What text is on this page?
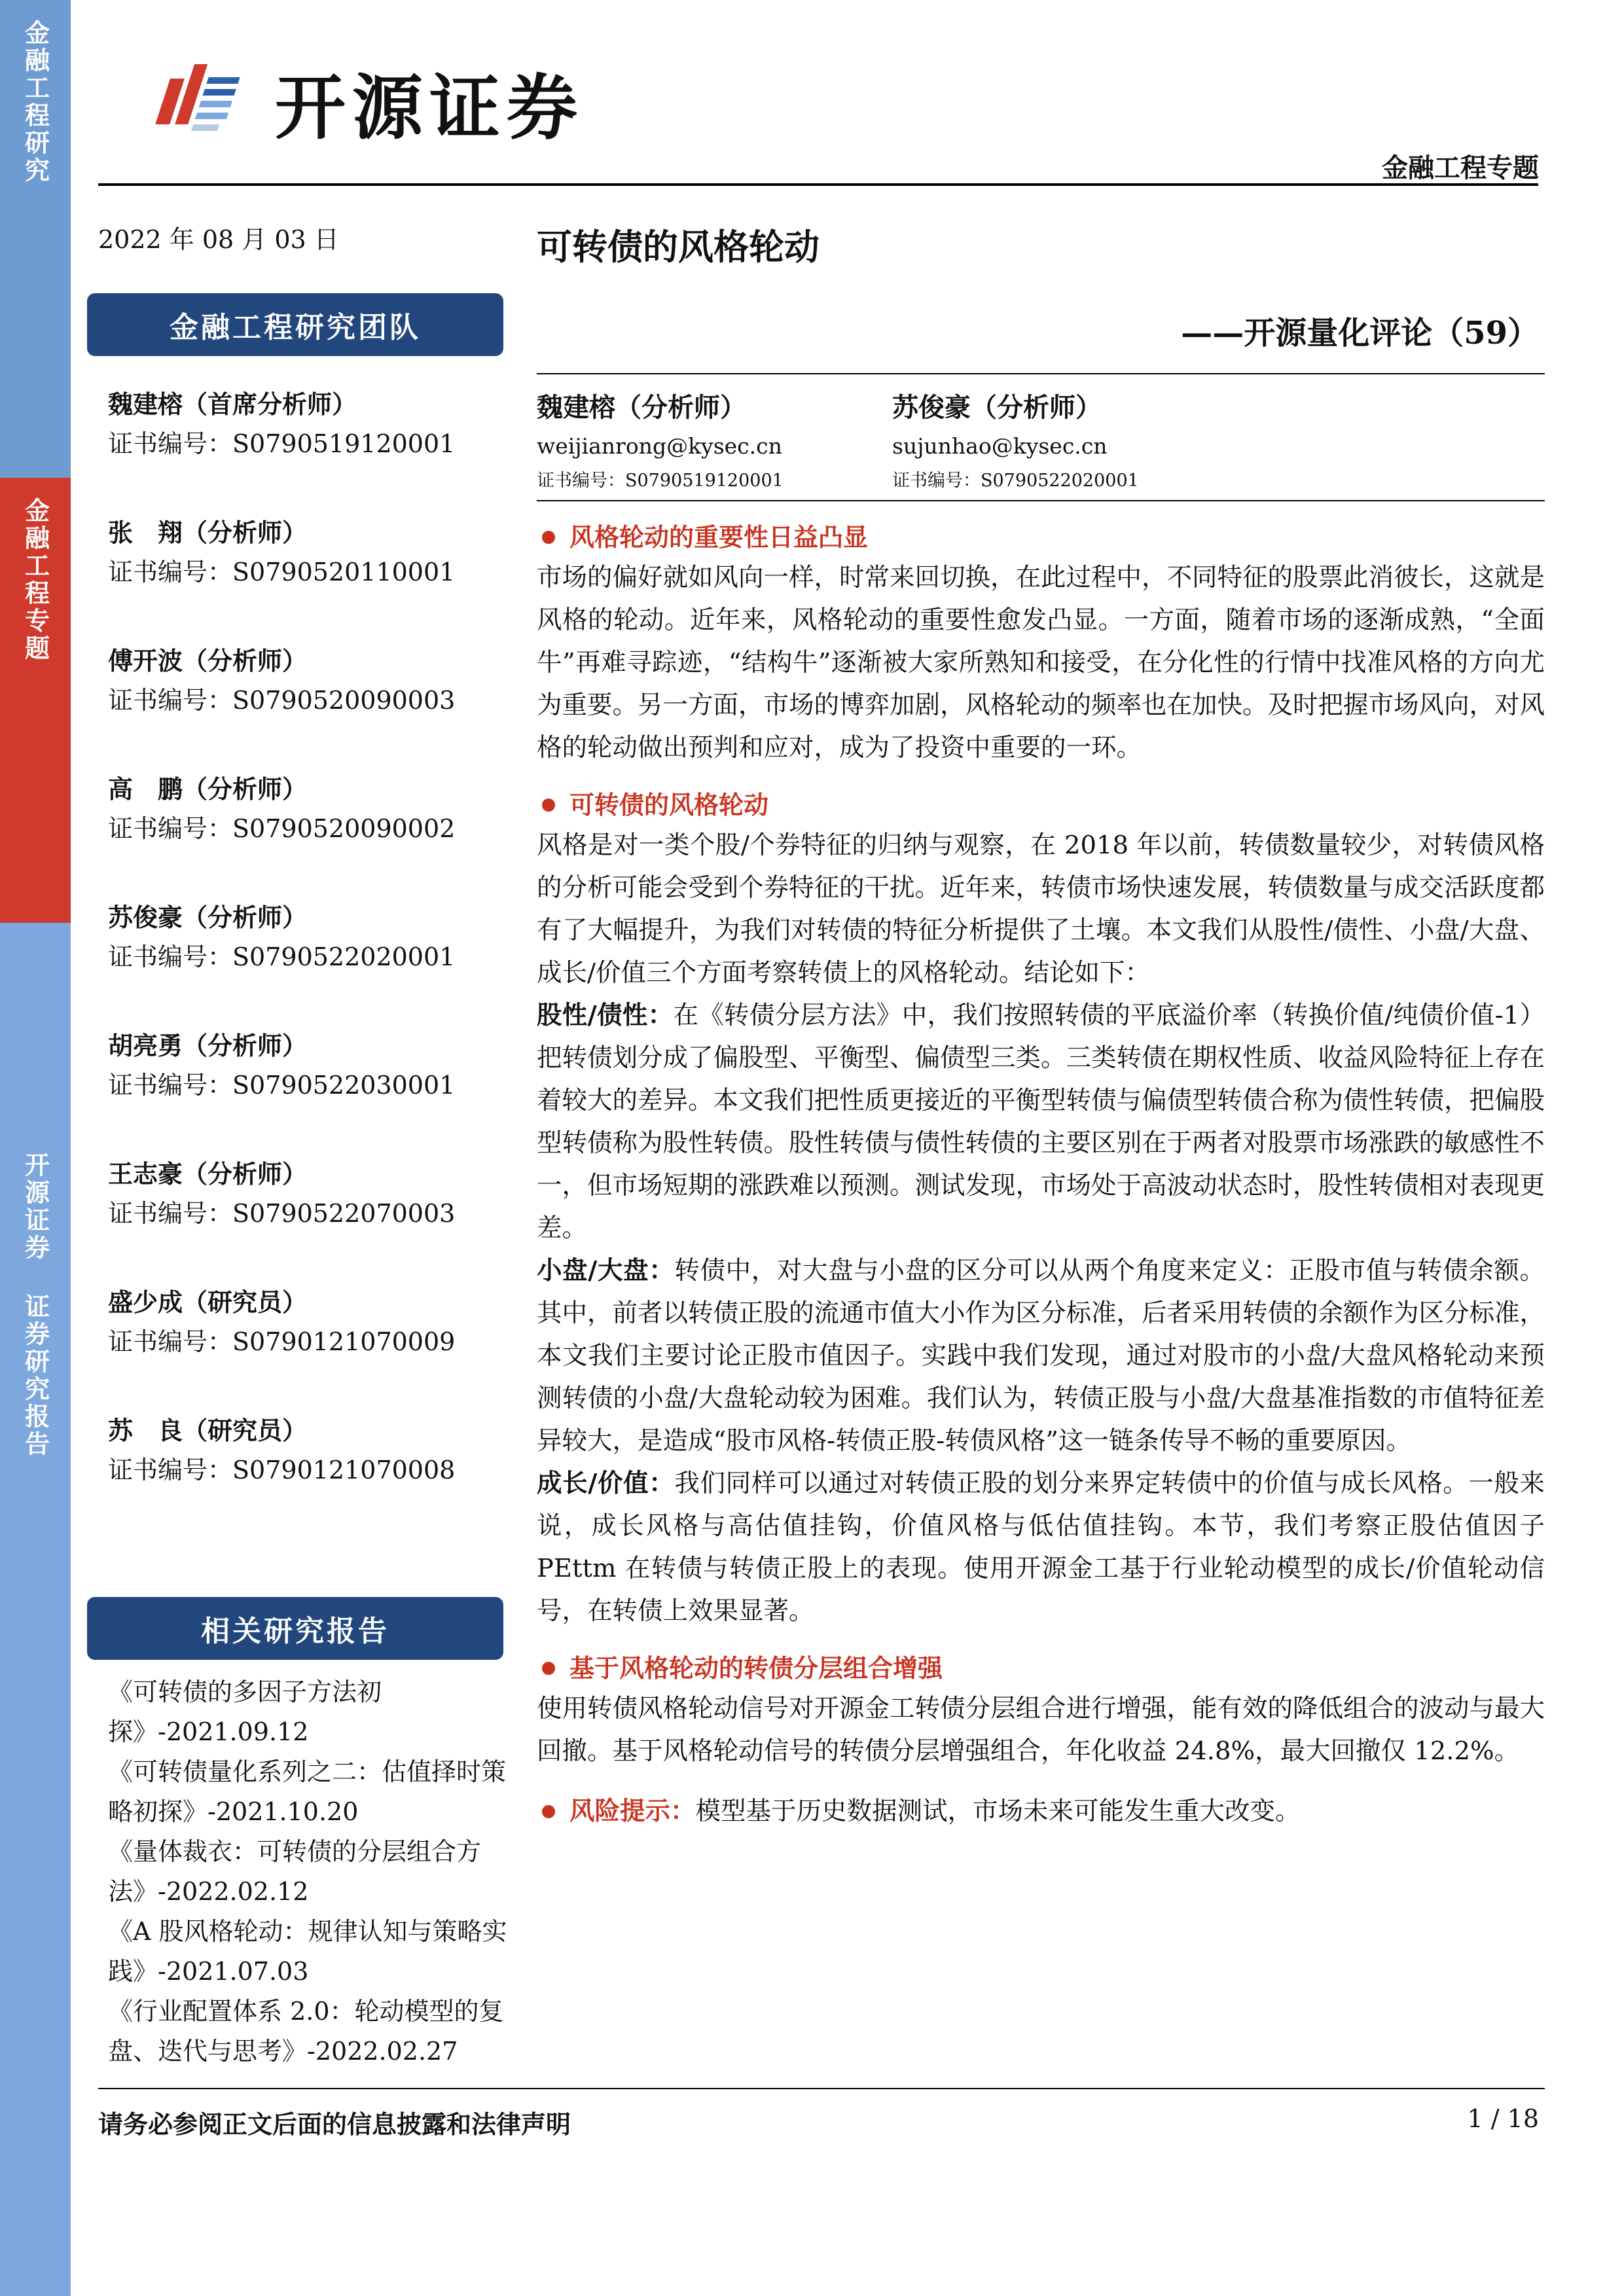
金融工程研究
金融工程专题
开源证券 证券研究报告
开源证券
金融工程专题
2022 年 08 月 03 日	可转债的风格轮动
——开源量化评论（59）
金融工程研究团队
魏建榕（首席分析师）
证书编号：S0790519120001
张　翔（分析师）
证书编号：S0790520110001
傅开波（分析师）
证书编号：S0790520090003
高　鹏（分析师）
证书编号：S0790520090002
苏俊豪（分析师）
证书编号：S0790522020001
胡亮勇（分析师）
证书编号：S0790522030001
王志豪（分析师）
证书编号：S0790522070003
盛少成（研究员）
证书编号：S0790121070009
苏　良（研究员）
证书编号：S0790121070008
相关研究报告
《可转债的多因子方法初探》-2021.09.12
《可转债量化系列之二：估值择时策略初探》-2021.10.20
《量体裁衣：可转债的分层组合方法》-2022.02.12
《A 股风格轮动：规律认知与策略实践》-2021.07.03
《行业配置体系 2.0：轮动模型的复盘、迭代与思考》-2022.02.27
魏建榕（分析师）
weijianrong@kysec.cn
证书编号：S0790519120001
苏俊豪（分析师）
sujunhao@kysec.cn
证书编号：S0790522020001
风格轮动的重要性日益凸显
市场的偏好就如风向一样，时常来回切换，在此过程中，不同特征的股票此消彼长，这就是风格的轮动。近年来，风格轮动的重要性愈发凸显。一方面，随着市场的逐渐成熟，“全面牛”再难寻踪迹，“结构牛”逐渐被大家所熟知和接受，在分化性的行情中找准风格的方向尤为重要。另一方面，市场的博弈加剧，风格轮动的频率也在加快。及时把握市场风向，对风格的轮动做出预判和应对，成为了投资中重要的一环。
可转债的风格轮动
风格是对一类个股/个券特征的归纳与观察，在 2018 年以前，转债数量较少，对转债风格的分析可能会受到个券特征的干扰。近年来，转债市场快速发展，转债数量与成交活跃度都有了大幅提升，为我们对转债的特征分析提供了土壤。本文我们从股性/债性、小盘/大盘、成长/价值三个方面考察转债上的风格轮动。结论如下：
股性/债性：在《转债分层方法》中，我们按照转债的平底溢价率（转换价值/纯债价值-1）把转债划分成了偏股型、平衡型、偏债型三类。三类转债在期权性质、收益风险特征上存在着较大的差异。本文我们把性质更接近的平衡型转债与偏债型转债合称为债性转债，把偏股型转债称为股性转债。股性转债与债性转债的主要区别在于两者对股票市场涨跌的敏感性不一，但市场短期的涨跌难以预测。测试发现，市场处于高波动状态时，股性转债相对表现更差。
小盘/大盘：转债中，对大盘与小盘的区分可以从两个角度来定义：正股市值与转债余额。其中，前者以转债正股的流通市值大小作为区分标准，后者采用转债的余额作为区分标准，本文我们主要讨论正股市值因子。实践中我们发现，通过对股市的小盘/大盘风格轮动来预测转债的小盘/大盘轮动较为困难。我们认为，转债正股与小盘/大盘基准指数的市值特征差异较大，是造成“股市风格-转债正股-转债风格”这一链条传导不畅的重要原因。
成长/价值：我们同样可以通过对转债正股的划分来界定转债中的价值与成长风格。一般来说，成长风格与高估值挂钩，价值风格与低估值挂钩。本节，我们考察正股估值因子 PEttm 在转债与转债正股上的表现。使用开源金工基于行业轮动模型的成长/价值轮动信号，在转债上效果显著。
基于风格轮动的转债分层组合增强
使用转债风格轮动信号对开源金工转债分层组合进行增强，能有效的降低组合的波动与最大回撤。基于风格轮动信号的转债分层增强组合，年化收益 24.8%，最大回撤仅 12.2%。
风险提示： 模型基于历史数据测试，市场未来可能发生重大改变。
请务必参阅正文后面的信息披露和法律声明	1 / 18
